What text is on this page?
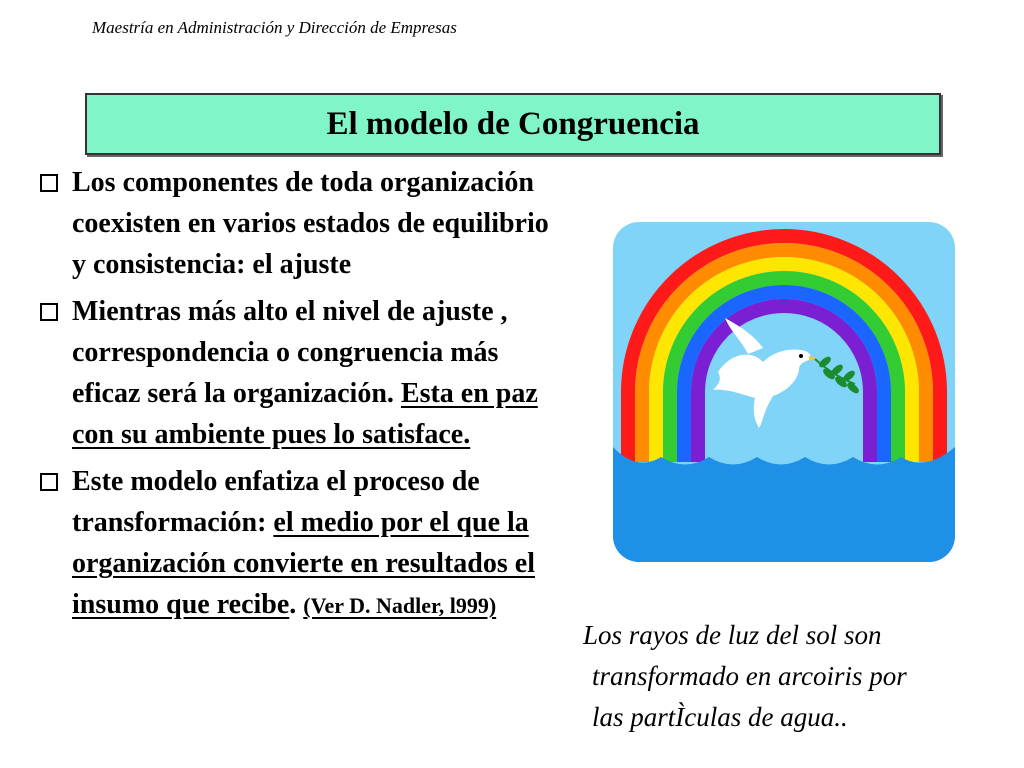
Maestría en Administración y Dirección de Empresas
El modelo de Congruencia
Los componentes de toda organización coexisten en varios estados de equilibrio y consistencia: el ajuste
Mientras más alto el nivel de ajuste , correspondencia o congruencia más eficaz será la organización. Esta en paz con su ambiente pues lo satisface.
Este modelo enfatiza el proceso de transformación: el medio por el que la organización convierte en resultados el insumo que recibe. (Ver D. Nadler, l999)
Los rayos de luz del sol son
transformado en arcoiris por
las partÌculas de agua..
